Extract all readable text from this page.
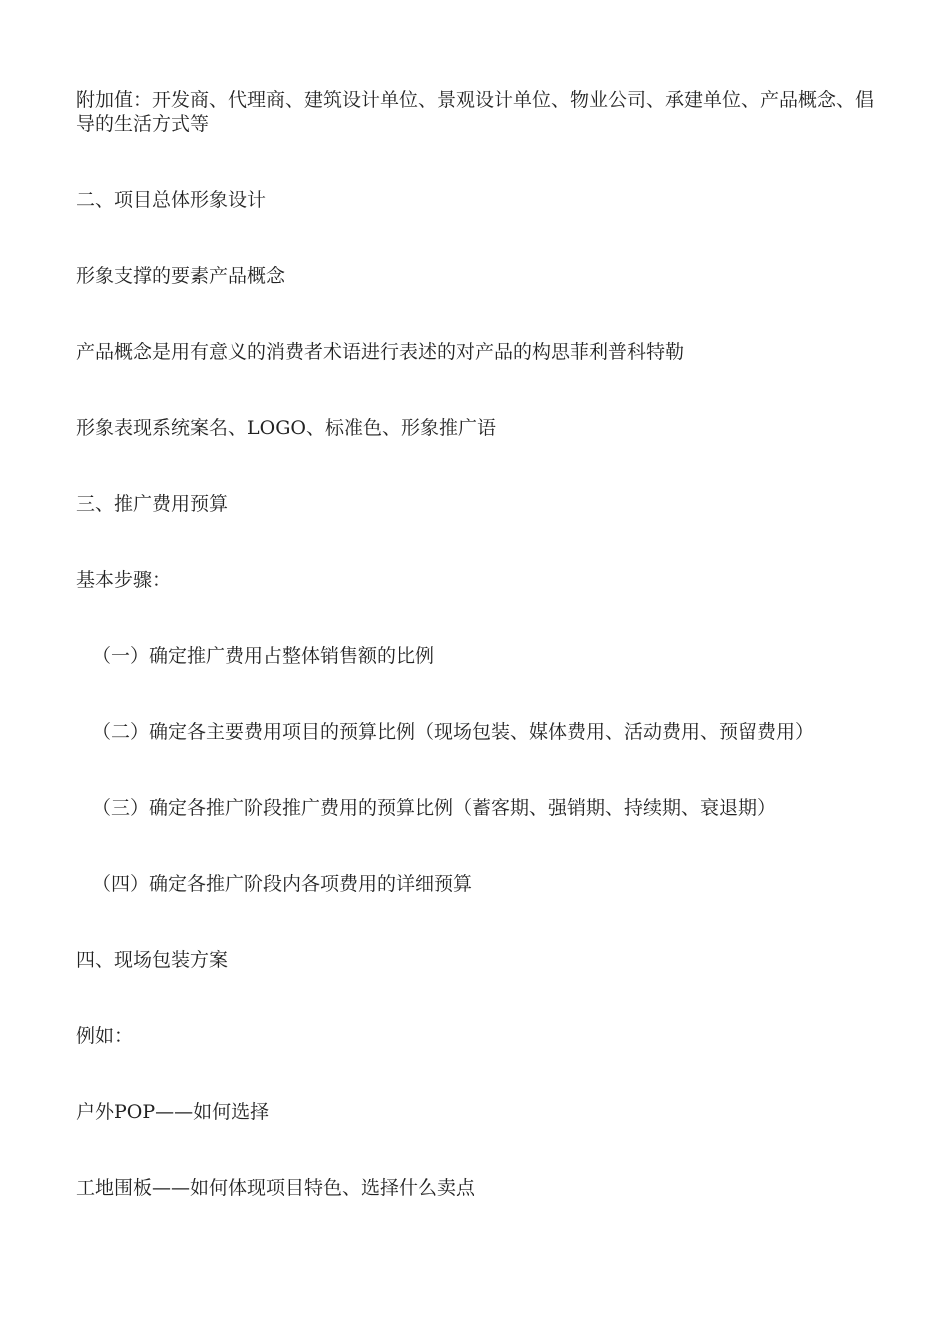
附加值：开发商、代理商、建筑设计单位、景观设计单位、物业公司、承建单位、产品概念、倡导的生活方式等
二、项目总体形象设计
形象支撑的要素产品概念
产品概念是用有意义的消费者术语进行表述的对产品的构思菲利普科特勒
形象表现系统案名、LOGO、标准色、形象推广语
三、推广费用预算
基本步骤：
（一）确定推广费用占整体销售额的比例
（二）确定各主要费用项目的预算比例（现场包装、媒体费用、活动费用、预留费用）
（三）确定各推广阶段推广费用的预算比例（蓄客期、强销期、持续期、衰退期）
（四）确定各推广阶段内各项费用的详细预算
四、现场包装方案
例如：
户外POP——如何选择
工地围板——如何体现项目特色、选择什么卖点
